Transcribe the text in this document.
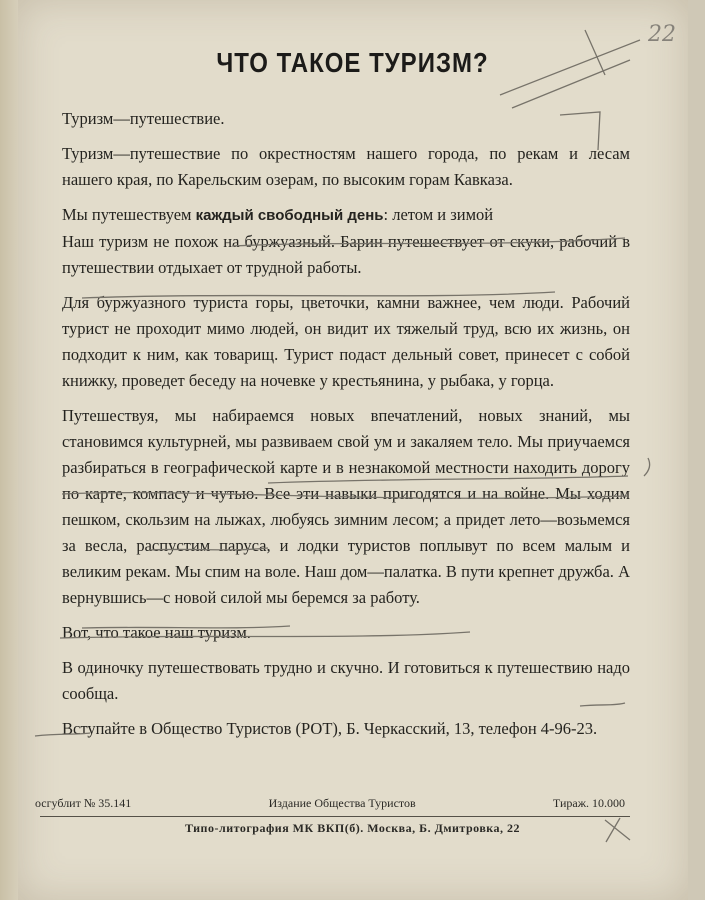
ЧТО ТАКОЕ ТУРИЗМ?

Туризм—путешествие.

Туризм—путешествие по окрестностям нашего города, по рекам и лесам нашего края, по Карельским озерам, по высоким горам Кавказа.

Мы путешествуем каждый свободный день: летом и зимой

Наш туризм не похож на буржуазный. Барин путешествует от скуки, рабочий в путешествии отдыхает от трудной работы.

Для буржуазного туриста горы, цветочки, камни важнее, чем люди. Рабочий турист не проходит мимо людей, он видит их тяжелый труд, всю их жизнь, он подходит к ним, как товарищ. Турист подаст дельный совет, принесет с собой книжку, проведет беседу на ночевке у крестьянина, у рыбака, у горца.

Путешествуя, мы набираемся новых впечатлений, новых знаний, мы становимся культурней, мы развиваем свой ум и закаляем тело. Мы приучаемся разбираться в географической карте и в незнакомой местности находить дорогу по карте, компасу и чутью. Все эти навыки пригодятся и на войне. Мы ходим пешком, скользим на лыжах, любуясь зимним лесом; а придет лето—возьмемся за весла, распустим паруса, и лодки туристов поплывут по всем малым и великим рекам. Мы спим на воле. Наш дом—палатка. В пути крепнет дружба. А вернувшись—с новой силой мы беремся за работу.

Вот, что такое наш туризм.

В одиночку путешествовать трудно и скучно. И готовиться к путешествию надо сообща.

Вступайте в Общество Туристов (РОТ), Б. Черкасский, 13, телефон 4-96-23.

осгублит № 35.141	Издание Общества Туристов	Тираж. 10.000
Типо-литография МК ВКП(б). Москва, Б. Дмитровка, 22
22
